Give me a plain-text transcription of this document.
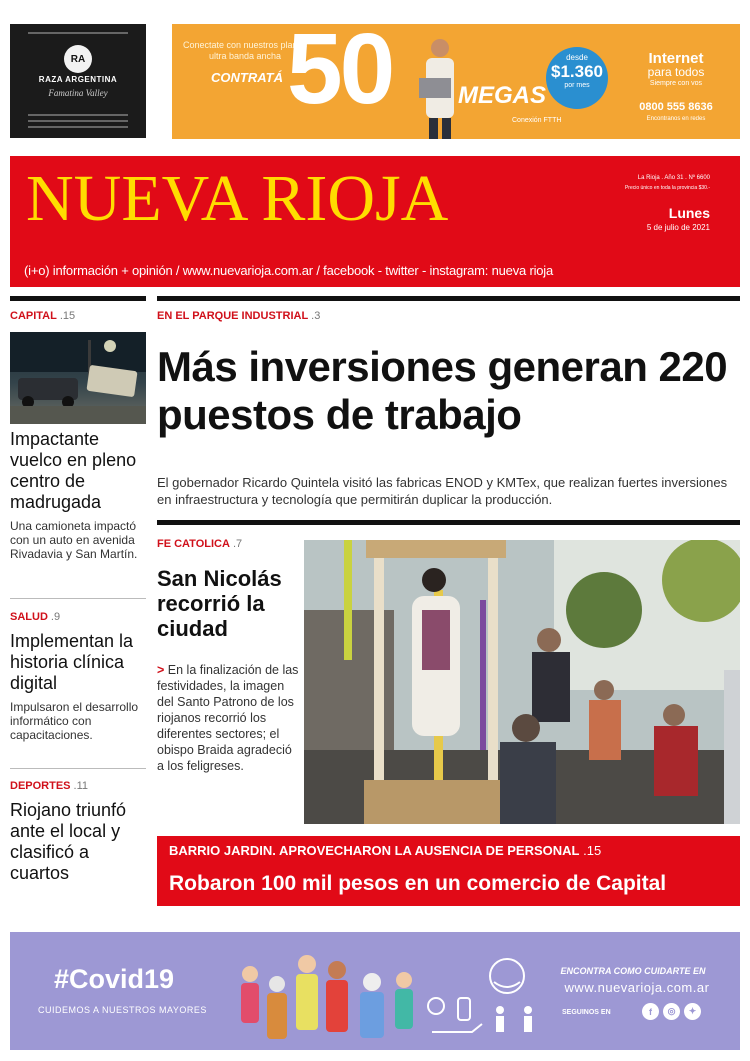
RA
RAZA ARGENTINA
Famatina Valley
Conectate con nuestros planes ultra banda ancha
CONTRATÁ 50	MEGAS
Conexión FTTH
desde
$1.360
por mes
Internet
para todos
Siempre con vos
0800 555 8636
Encontranos en redes
NUEVA RIOJA	La Rioja . Año 31 . Nº 6600
Precio único en toda la provincia $30.-
Lunes
5 de julio de 2021
(i+o) información + opinión / www.nuevarioja.com.ar / facebook - twitter - instagram: nueva rioja
CAPITAL .15
Impactante vuelco en pleno centro de madrugada
Una camioneta impactó con un auto en avenida Rivadavia y San Martín.
SALUD .9
Implementan la historia clínica digital
Impulsaron el desarrollo informático con capacitaciones.
DEPORTES .11
Riojano triunfó ante el local y clasificó a cuartos
EN EL PARQUE INDUSTRIAL .3
Más inversiones generan 220 puestos de trabajo
El gobernador Ricardo Quintela visitó las fabricas ENOD y KMTex, que realizan fuertes inversiones en infraestructura y tecnología que permitirán duplicar la producción.
FE CATOLICA .7
San Nicolás recorrió la ciudad
> En la finalización de las festividades, la imagen del Santo Patrono de los riojanos recorrió los diferentes sectores; el obispo Braida agradeció a los feligreses.
BARRIO JARDIN. APROVECHARON LA AUSENCIA DE PERSONAL .15
Robaron 100 mil pesos en un comercio de Capital
#Covid19
CUIDEMOS A NUESTROS MAYORES
ENCONTRA COMO CUIDARTE EN
www.nuevarioja.com.ar
SEGUINOS EN	f	◎	✦
